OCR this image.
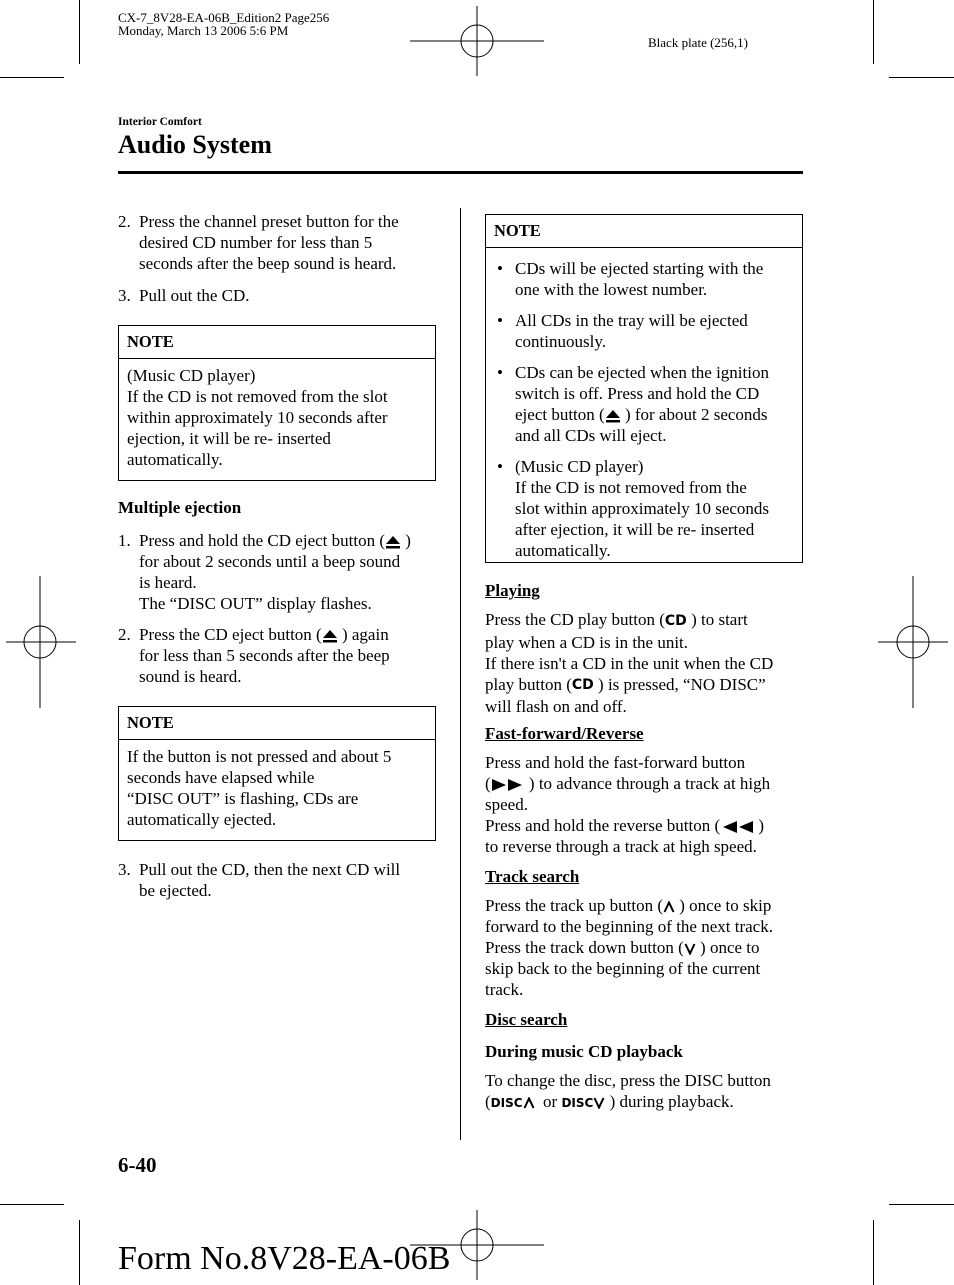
CX-7_8V28-EA-06B_Edition2 Page256
Monday, March 13 2006 5:6 PM
Black plate (256,1)
Interior Comfort
Audio System
2. Press the channel preset button for the
desired CD number for less than 5
seconds after the beep sound is heard.
3. Pull out the CD.
NOTE
(Music CD player)
If the CD is not removed from the slot
within approximately 10 seconds after
ejection, it will be re- inserted
automatically.
Multiple ejection
1. Press and hold the CD eject button ( )
for about 2 seconds until a beep sound
is heard.
The “DISC OUT” display flashes.
2. Press the CD eject button ( ) again
for less than 5 seconds after the beep
sound is heard.
NOTE
If the button is not pressed and about 5
seconds have elapsed while
“DISC OUT” is flashing, CDs are
automatically ejected.
3. Pull out the CD, then the next CD will
be ejected.
NOTE
• CDs will be ejected starting with the
one with the lowest number.
• All CDs in the tray will be ejected
continuously.
• CDs can be ejected when the ignition
switch is off. Press and hold the CD
eject button ( ) for about 2 seconds
and all CDs will eject.
• (Music CD player)
If the CD is not removed from the
slot within approximately 10 seconds
after ejection, it will be re- inserted
automatically.
Playing
Press the CD play button (CD ) to start
play when a CD is in the unit.
If there isn't a CD in the unit when the CD
play button (CD ) is pressed, “NO DISC”
will flash on and off.
Fast-forward/Reverse
Press and hold the fast-forward button
( ) to advance through a track at high
speed.
Press and hold the reverse button ( )
to reverse through a track at high speed.
Track search
Press the track up button ( ) once to skip
forward to the beginning of the next track.
Press the track down button ( ) once to
skip back to the beginning of the current
track.
Disc search
During music CD playback
To change the disc, press the DISC button
(DISC or DISC ) during playback.
6-40
Form No.8V28-EA-06B
